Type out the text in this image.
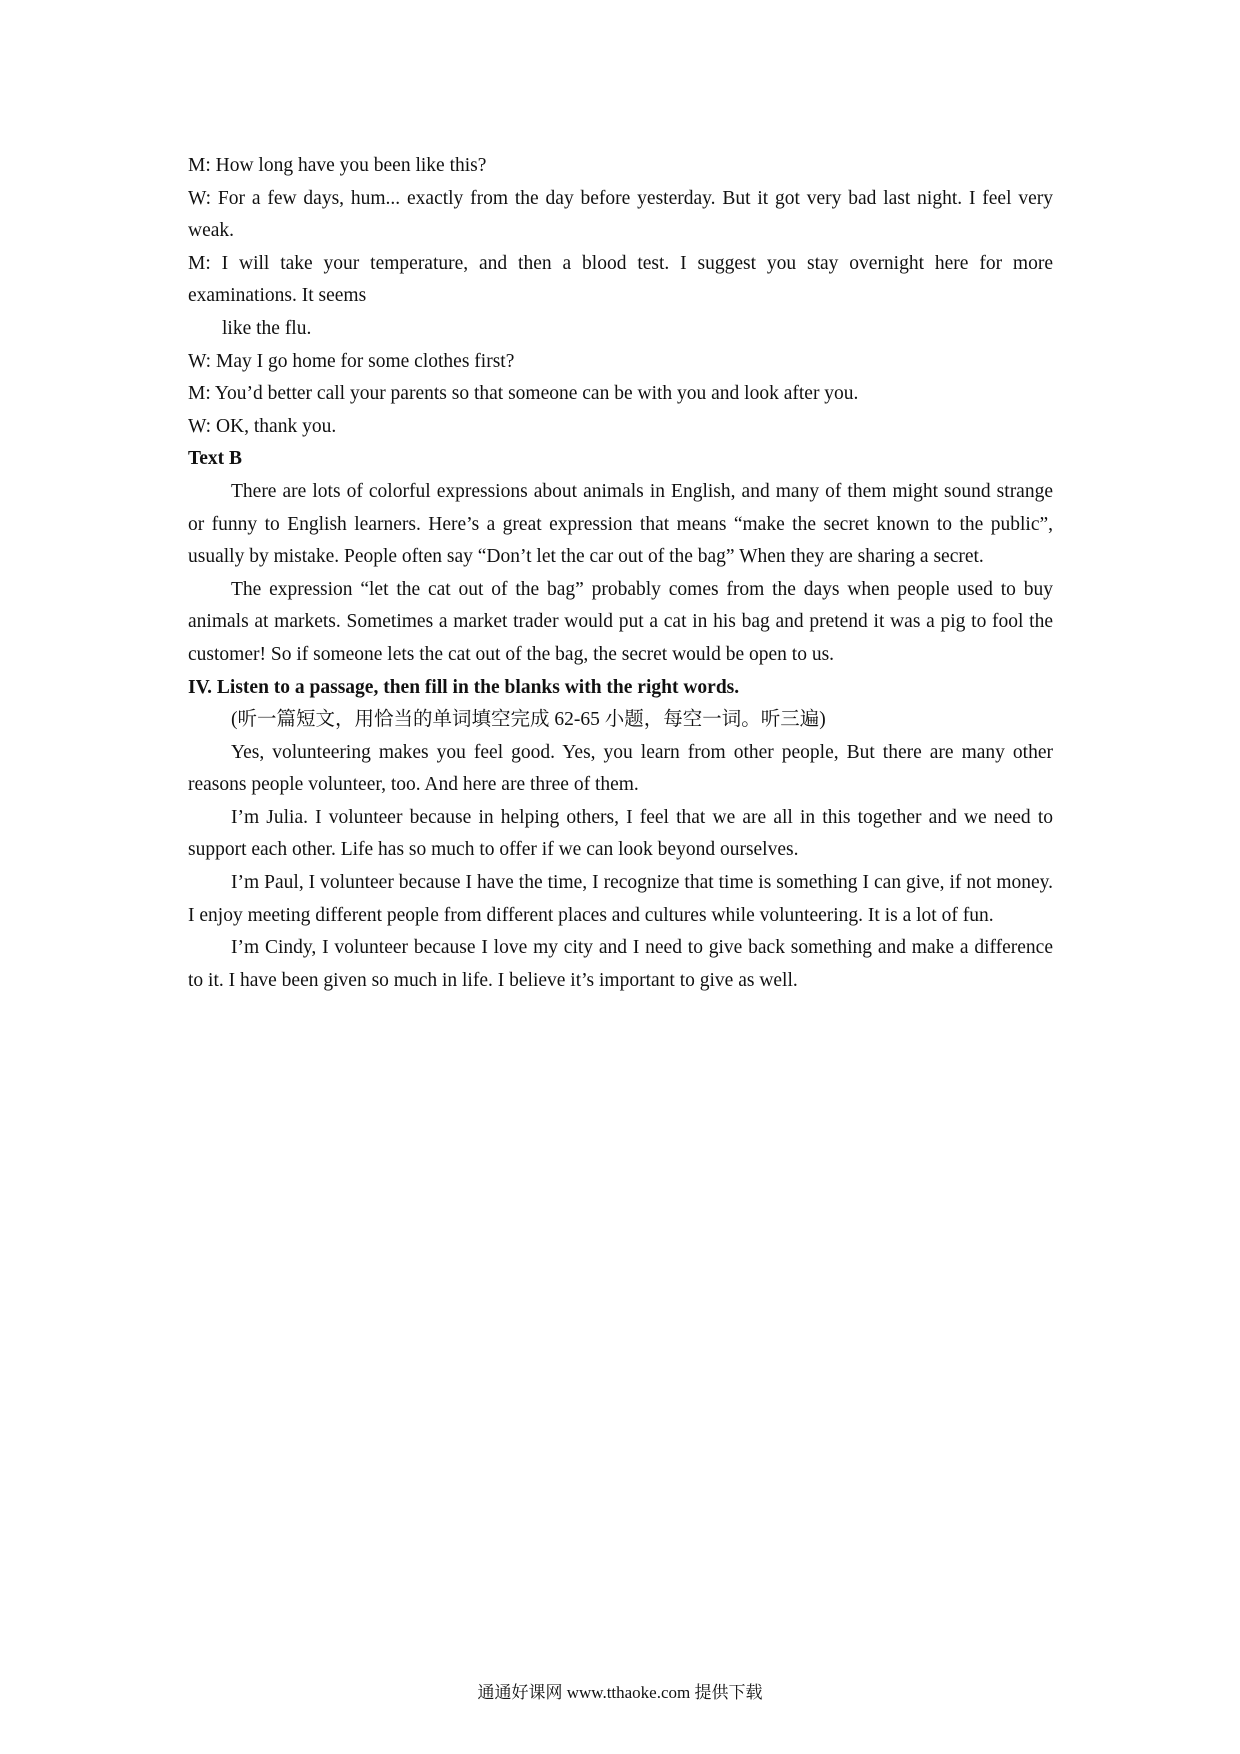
M: How long have you been like this?

W: For a few days, hum... exactly from the day before yesterday. But it got very bad last night. I feel very weak.

M: I will take your temperature, and then a blood test. I suggest you stay overnight here for more examinations. It seems

like the flu.

W: May I go home for some clothes first?

M: You’d better call your parents so that someone can be with you and look after you.

W: OK, thank you.

Text B

There are lots of colorful expressions about animals in English, and many of them might sound strange or funny to English learners. Here’s a great expression that means “make the secret known to the public”, usually by mistake. People often say “Don’t let the car out of the bag” When they are sharing a secret.

The expression “let the cat out of the bag” probably comes from the days when people used to buy animals at markets. Sometimes a market trader would put a cat in his bag and pretend it was a pig to fool the customer! So if someone lets the cat out of the bag, the secret would be open to us.

IV. Listen to a passage, then fill in the blanks with the right words.

(听一篇短文，用恰当的单词填空完成 62-65 小题，每空一词。听三遍)

Yes, volunteering makes you feel good. Yes, you learn from other people, But there are many other reasons people volunteer, too. And here are three of them.

I’m Julia. I volunteer because in helping others, I feel that we are all in this together and we need to support each other. Life has so much to offer if we can look beyond ourselves.

I’m Paul, I volunteer because I have the time, I recognize that time is something I can give, if not money. I enjoy meeting different people from different places and cultures while volunteering. It is a lot of fun.

I’m Cindy, I volunteer because I love my city and I need to give back something and make a difference to it. I have been given so much in life. I believe it’s important to give as well.

通通好课网 www.tthaoke.com 提供下载
